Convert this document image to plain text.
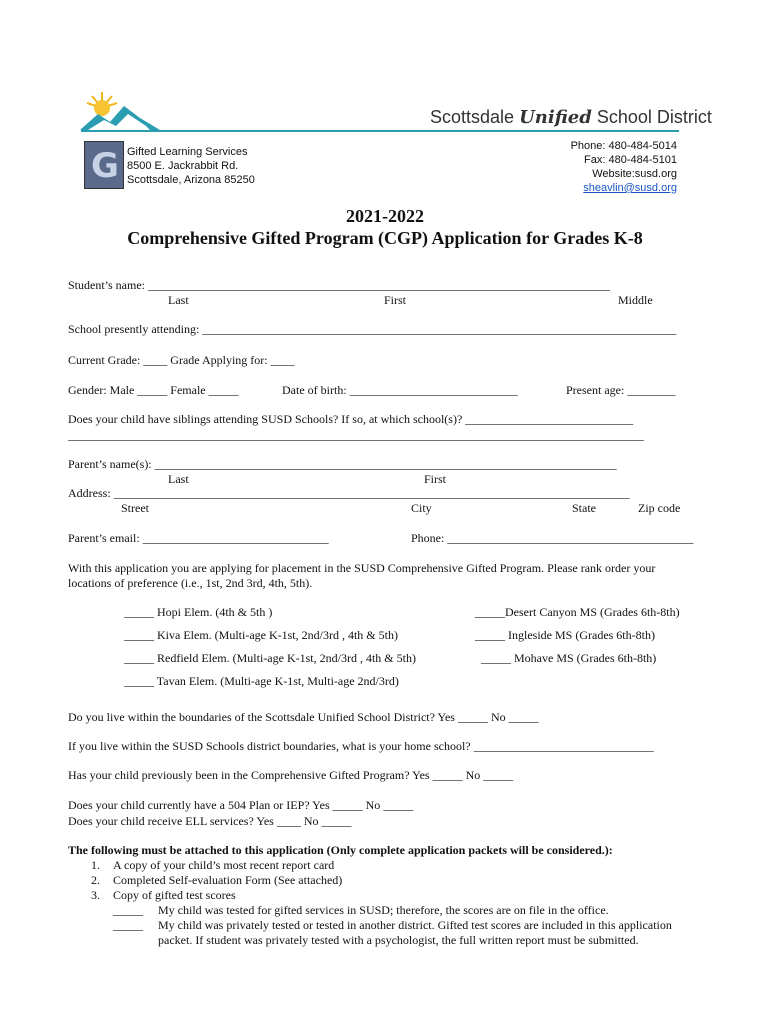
Scottsdale Unified School District
G Gifted Learning Services
8500 E. Jackrabbit Rd.
Scottsdale, Arizona 85250
Phone: 480-484-5014
Fax: 480-484-5101
Website:susd.org
sheavlin@susd.org
2021-2022
Comprehensive Gifted Program (CGP) Application for Grades K-8
Student’s name: _____________________________________________________________________________
Last	First	Middle
School presently attending: _______________________________________________________________________________
Current Grade: ____ Grade Applying for: ____
Gender: Male _____ Female _____	Date of birth: ____________________________	Present age: ________
Does your child have siblings attending SUSD Schools? If so, at which school(s)? ____________________________
________________________________________________________________________________________________
Parent’s name(s): _____________________________________________________________________________
Last	First
Address: ______________________________________________________________________________________
Street	City	State	Zip code
Parent’s email: _______________________________	Phone: _________________________________________
With this application you are applying for placement in the SUSD Comprehensive Gifted Program. Please rank order your
locations of preference (i.e., 1st, 2nd 3rd, 4th, 5th).
_____ Hopi Elem. (4th & 5th )
_____ Kiva Elem. (Multi-age K-1st, 2nd/3rd , 4th & 5th)
_____ Redfield Elem. (Multi-age K-1st, 2nd/3rd , 4th & 5th)
_____ Tavan Elem. (Multi-age K-1st, Multi-age 2nd/3rd)
_____Desert Canyon MS (Grades 6th-8th)
_____ Ingleside MS (Grades 6th-8th)
_____ Mohave MS (Grades 6th-8th)
Do you live within the boundaries of the Scottsdale Unified School District? Yes _____ No _____
If you live within the SUSD Schools district boundaries, what is your home school? ______________________________
Has your child previously been in the Comprehensive Gifted Program? Yes _____ No _____
Does your child currently have a 504 Plan or IEP? Yes _____ No _____
Does your child receive ELL services? Yes ____ No _____
The following must be attached to this application (Only complete application packets will be considered.):
1. A copy of your child’s most recent report card
2. Completed Self-evaluation Form (See attached)
3. Copy of gifted test scores
_____ My child was tested for gifted services in SUSD; therefore, the scores are on file in the office.
_____ My child was privately tested or tested in another district. Gifted test scores are included in this application
packet. If student was privately tested with a psychologist, the full written report must be submitted.
